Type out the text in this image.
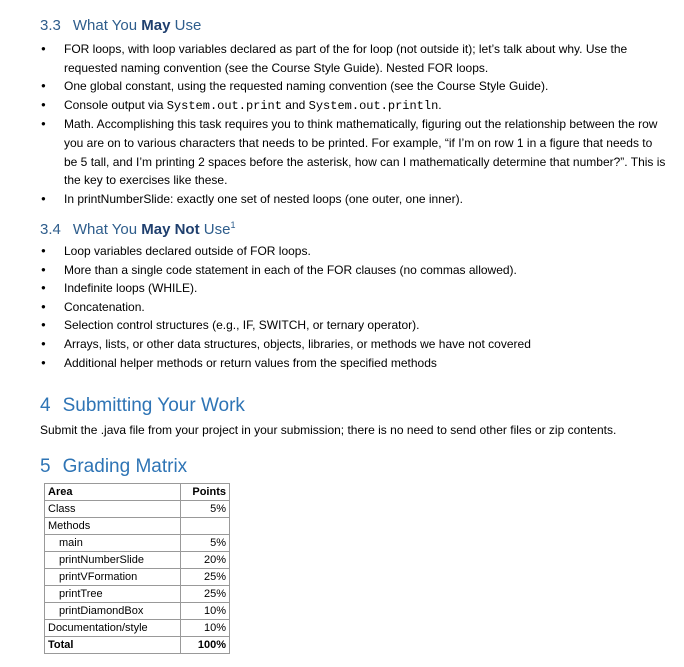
3.3 What You May Use
● FOR loops, with loop variables declared as part of the for loop (not outside it); let’s talk about why. Use the requested naming convention (see the Course Style Guide). Nested FOR loops.
● One global constant, using the requested naming convention (see the Course Style Guide).
● Console output via System.out.print and System.out.println.
● Math. Accomplishing this task requires you to think mathematically, figuring out the relationship between the row you are on to various characters that needs to be printed. For example, “if I’m on row 1 in a figure that needs to be 5 tall, and I’m printing 2 spaces before the asterisk, how can I mathematically determine that number?”. This is the key to exercises like these.
● In printNumberSlide: exactly one set of nested loops (one outer, one inner).
3.4 What You May Not Use$^1$
● Loop variables declared outside of FOR loops.
● More than a single code statement in each of the FOR clauses (no commas allowed).
● Indefinite loops (WHILE).
● Concatenation.
● Selection control structures (e.g., IF, SWITCH, or ternary operator).
● Arrays, lists, or other data structures, objects, libraries, or methods we have not covered
● Additional helper methods or return values from the specified methods
4 Submitting Your Work
Submit the .java file from your project in your submission; there is no need to send other files or zip contents.
5 Grading Matrix
Area	Points
Class	5%
Methods	
main	5%
printNumberSlide	20%
printVFormation	25%
printTree	25%
printDiamondBox	10%
Documentation/style	10%
Total	100%
